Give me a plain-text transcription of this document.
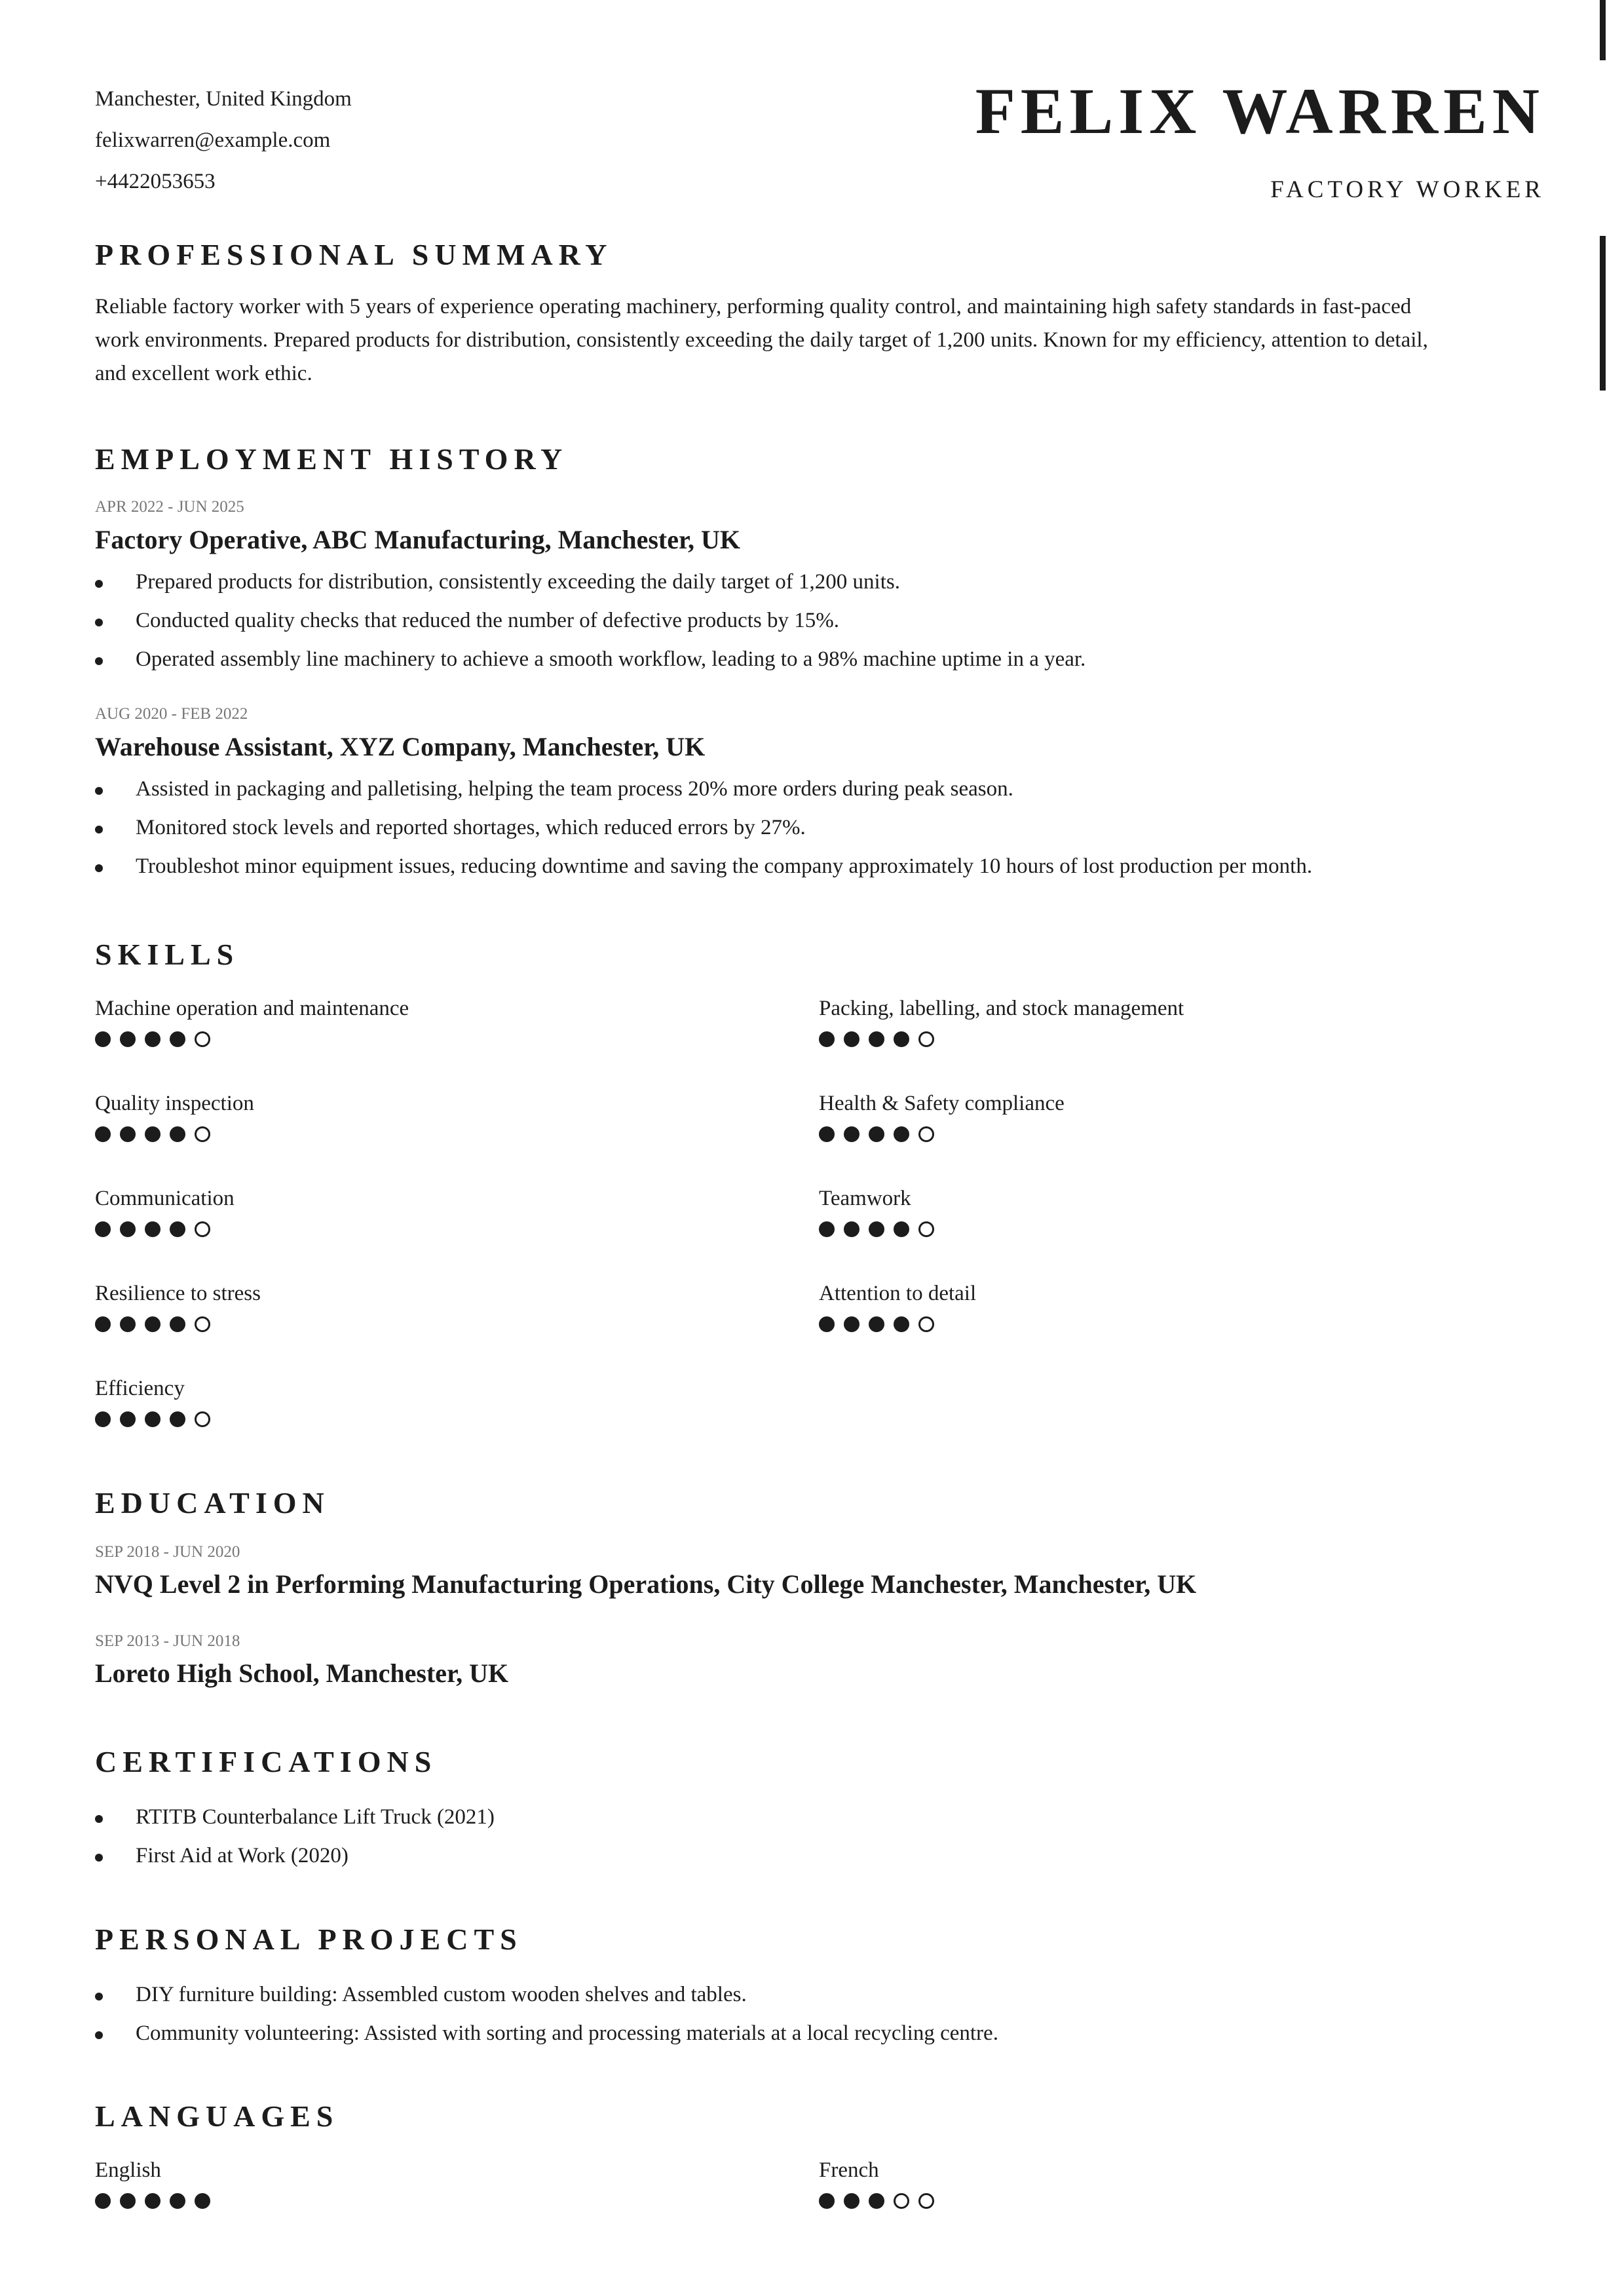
Manchester, United Kingdom
felixwarren@example.com
+4422053653
FELIX WARREN
FACTORY WORKER
PROFESSIONAL SUMMARY
Reliable factory worker with 5 years of experience operating machinery, performing quality control, and maintaining high safety standards in fast-paced work environments. Prepared products for distribution, consistently exceeding the daily target of 1,200 units. Known for my efficiency, attention to detail, and excellent work ethic.
EMPLOYMENT HISTORY
APR 2022 - JUN 2025
Factory Operative, ABC Manufacturing, Manchester, UK
Prepared products for distribution, consistently exceeding the daily target of 1,200 units.
Conducted quality checks that reduced the number of defective products by 15%.
Operated assembly line machinery to achieve a smooth workflow, leading to a 98% machine uptime in a year.
AUG 2020 - FEB 2022
Warehouse Assistant, XYZ Company, Manchester, UK
Assisted in packaging and palletising, helping the team process 20% more orders during peak season.
Monitored stock levels and reported shortages, which reduced errors by 27%.
Troubleshot minor equipment issues, reducing downtime and saving the company approximately 10 hours of lost production per month.
SKILLS
Machine operation and maintenance	Packing, labelling, and stock management
Quality inspection	Health & Safety compliance
Communication	Teamwork
Resilience to stress	Attention to detail
Efficiency
EDUCATION
SEP 2018 - JUN 2020
NVQ Level 2 in Performing Manufacturing Operations, City College Manchester, Manchester, UK
SEP 2013 - JUN 2018
Loreto High School, Manchester, UK
CERTIFICATIONS
RTITB Counterbalance Lift Truck (2021)
First Aid at Work (2020)
PERSONAL PROJECTS
DIY furniture building: Assembled custom wooden shelves and tables.
Community volunteering: Assisted with sorting and processing materials at a local recycling centre.
LANGUAGES
English	French
